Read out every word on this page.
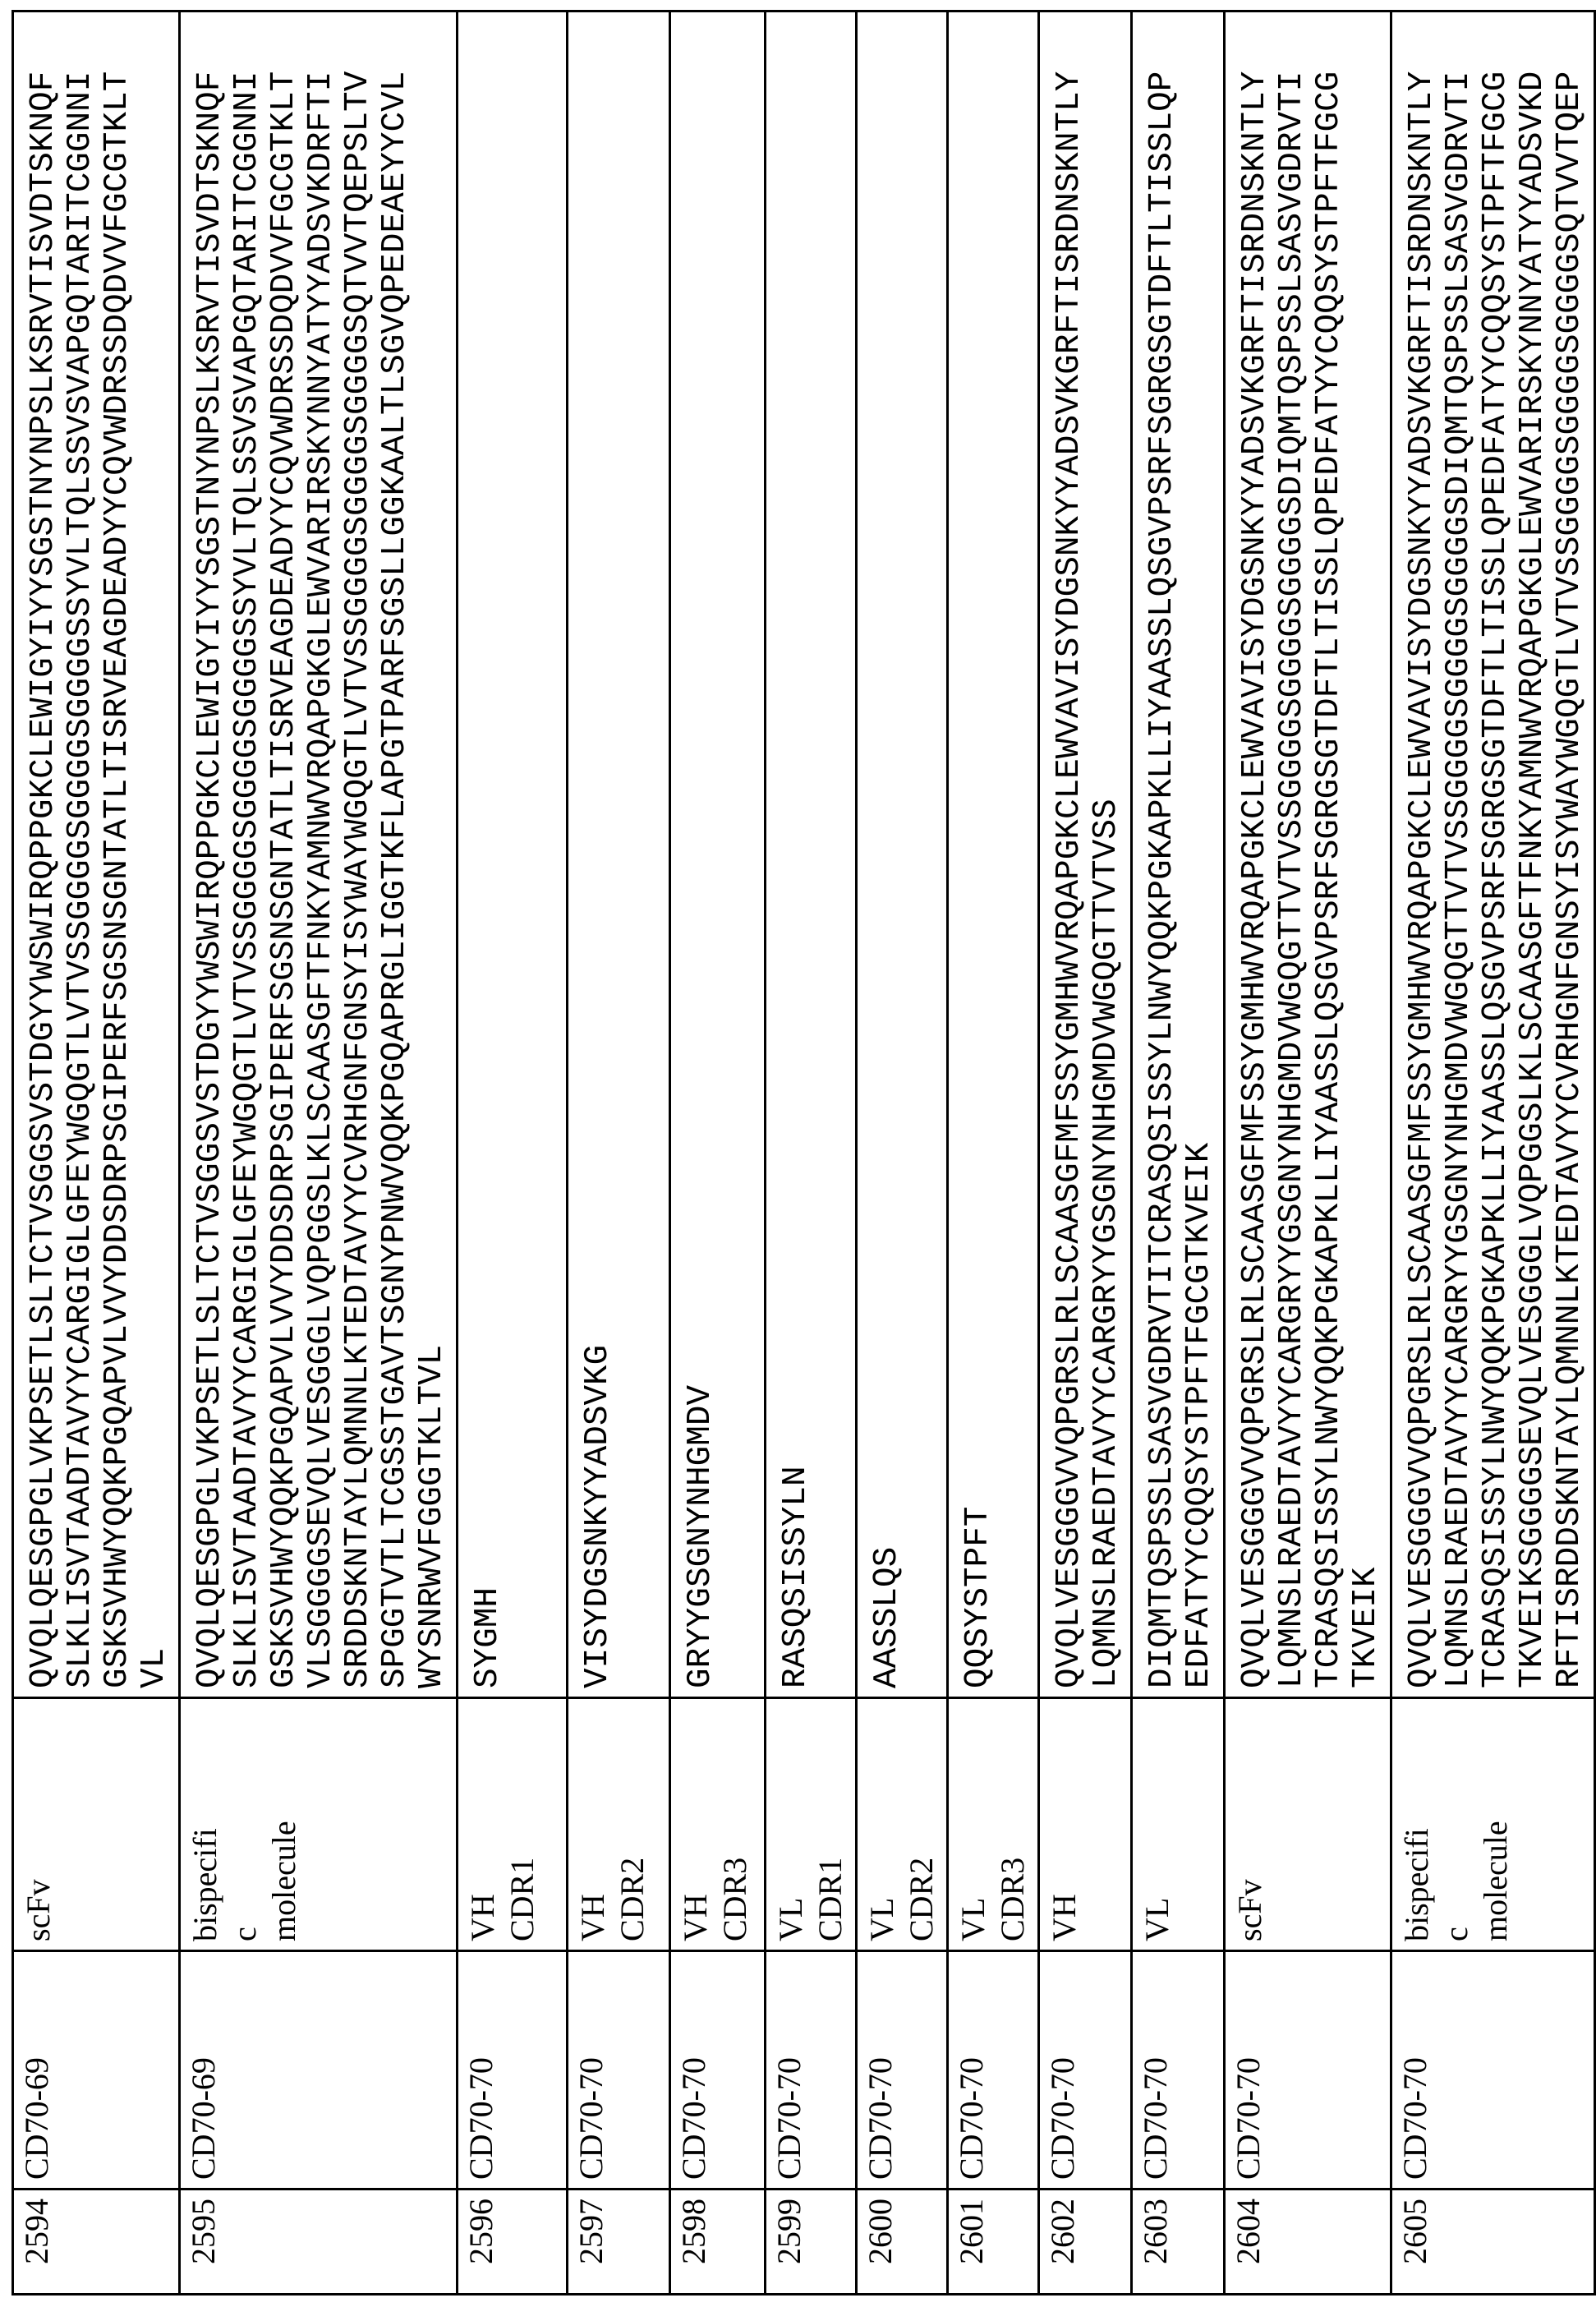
2594	CD70-69	
scFv

QVQLQESGPGLVKPSETLSLTCTVSGGSVSTDGYYWSWIRQPPGKCLEWIGYIYYSGSTNYNPSLKSRVTISVDTSKNQF SLKLISVTAADTAVYYCARGIGLGFEYWGQGTLVTVSSGGGGSGGGGSGGGGSSYVLTQLSSVSVAPGQTARITCGGNNI GSKSVHWYQQKPGQAPVLVVYDDSDRPSGIPERFSGSNSGNTATLTISRVEAGDEADYYCQVWDRSSDQDVVFGCGTKLT VL

2595	CD70-69	
bispecifi c molecule

QVQLQESGPGLVKPSETLSLTCTVSGGSVSTDGYYWSWIRQPPGKCLEWIGYIYYSGSTNYNPSLKSRVTISVDTSKNQF SLKLISVTAADTAVYYCARGIGLGFEYWGQGTLVTVSSGGGGSGGGGSGGGGSSYVLTQLSSVSVAPGQTARITCGGNNI GSKSVHWYQQKPGQAPVLVVYDDSDRPSGIPERFSGSNSGNTATLTISRVEAGDEADYYCQVWDRSSDQDVVFGCGTKLT VLSGGGGSEVQLVESGGGLVQPGGSLKLSCAASGFTFNKYAMNWVRQAPGKGLEWVARIRSKYNNYATYYADSVKDRFTI SRDDSKNTAYLQMNNLKTEDTAVYYCVRHGNFGNSYISYWAYWGQGTLVTVSSGGGGSGGGGSGGGGSQTVVTQEPSLTV SPGGTVTLTCGSSTGAVTSGNYPNWVQQKPGQAPRGLIGGTKFLAPGTPARFSGSLLGGKAALTLSGVQPEDEAEYYCVL WYSNRWVFGGGTKLTVL

2596	CD70-70	
VH CDR1

SYGMH

2597	CD70-70	
VH CDR2

VISYDGSNKYYADSVKG

2598	CD70-70	
VH CDR3

GRYYGSGNYNHGMDV

2599	CD70-70	
VL CDR1

RASQSISSYLN

2600	CD70-70	
VL CDR2

AASSLQS

2601	CD70-70	
VL CDR3

QQSYSTPFT

2602	CD70-70	
VH

QVQLVESGGGVVQPGRSLRLSCAASGFMFSSYGMHWVRQAPGKCLEWVAVISYDGSNKYYADSVKGRFTISRDNSKNTLY LQMNSLRAEDTAVYYCARGRYYGSGNYNHGMDVWGQGTTVTVSS

2603	CD70-70	
VL

DIQMTQSPSSLSASVGDRVTITCRASQSISSYLNWYQQKPGKAPKLLIYAASSLQSGVPSRFSGRGSGTDFTLTISSLQP EDFATYYCQQSYSTPFTFGCGTKVEIK

2604	CD70-70	
scFv

QVQLVESGGGVVQPGRSLRLSCAASGFMFSSYGMHWVRQAPGKCLEWVAVISYDGSNKYYADSVKGRFTISRDNSKNTLY LQMNSLRAEDTAVYYCARGRYYGSGNYNHGMDVWGQGTTVTVSSGGGGSGGGGSGGGGSDIQMTQSPSSLSASVGDRVTI TCRASQSISSYLNWYQQKPGKAPKLLIYAASSLQSGVPSRFSGRGSGTDFTLTISSLQPEDFATYYCQQSYSTPFTFGCG TKVEIK

2605	CD70-70	
bispecifi c molecule

QVQLVESGGGVVQPGRSLRLSCAASGFMFSSYGMHWVRQAPGKCLEWVAVISYDGSNKYYADSVKGRFTISRDNSKNTLY LQMNSLRAEDTAVYYCARGRYYGSGNYNHGMDVWGQGTTVTVSSGGGGSGGGGSGGGGSDIQMTQSPSSLSASVGDRVTI TCRASQSISSYLNWYQQKPGKAPKLLIYAASSLQSGVPSRFSGRGSGTDFTLTISSLQPEDFATYYCQQSYSTPFTFGCG TKVEIKSGGGGSEVQLVESGGGLVQPGGSLKLSCAASGFTFNKYAMNWVRQAPGKGLEWVARIRSKYNNYATYYADSVKD RFTISRDDSKNTAYLQMNNLKTEDTAVYYCVRHGNFGNSYISYWAYWGQGTLVTVSSGGGGSGGGGSGGGGSQTVVTQEP
